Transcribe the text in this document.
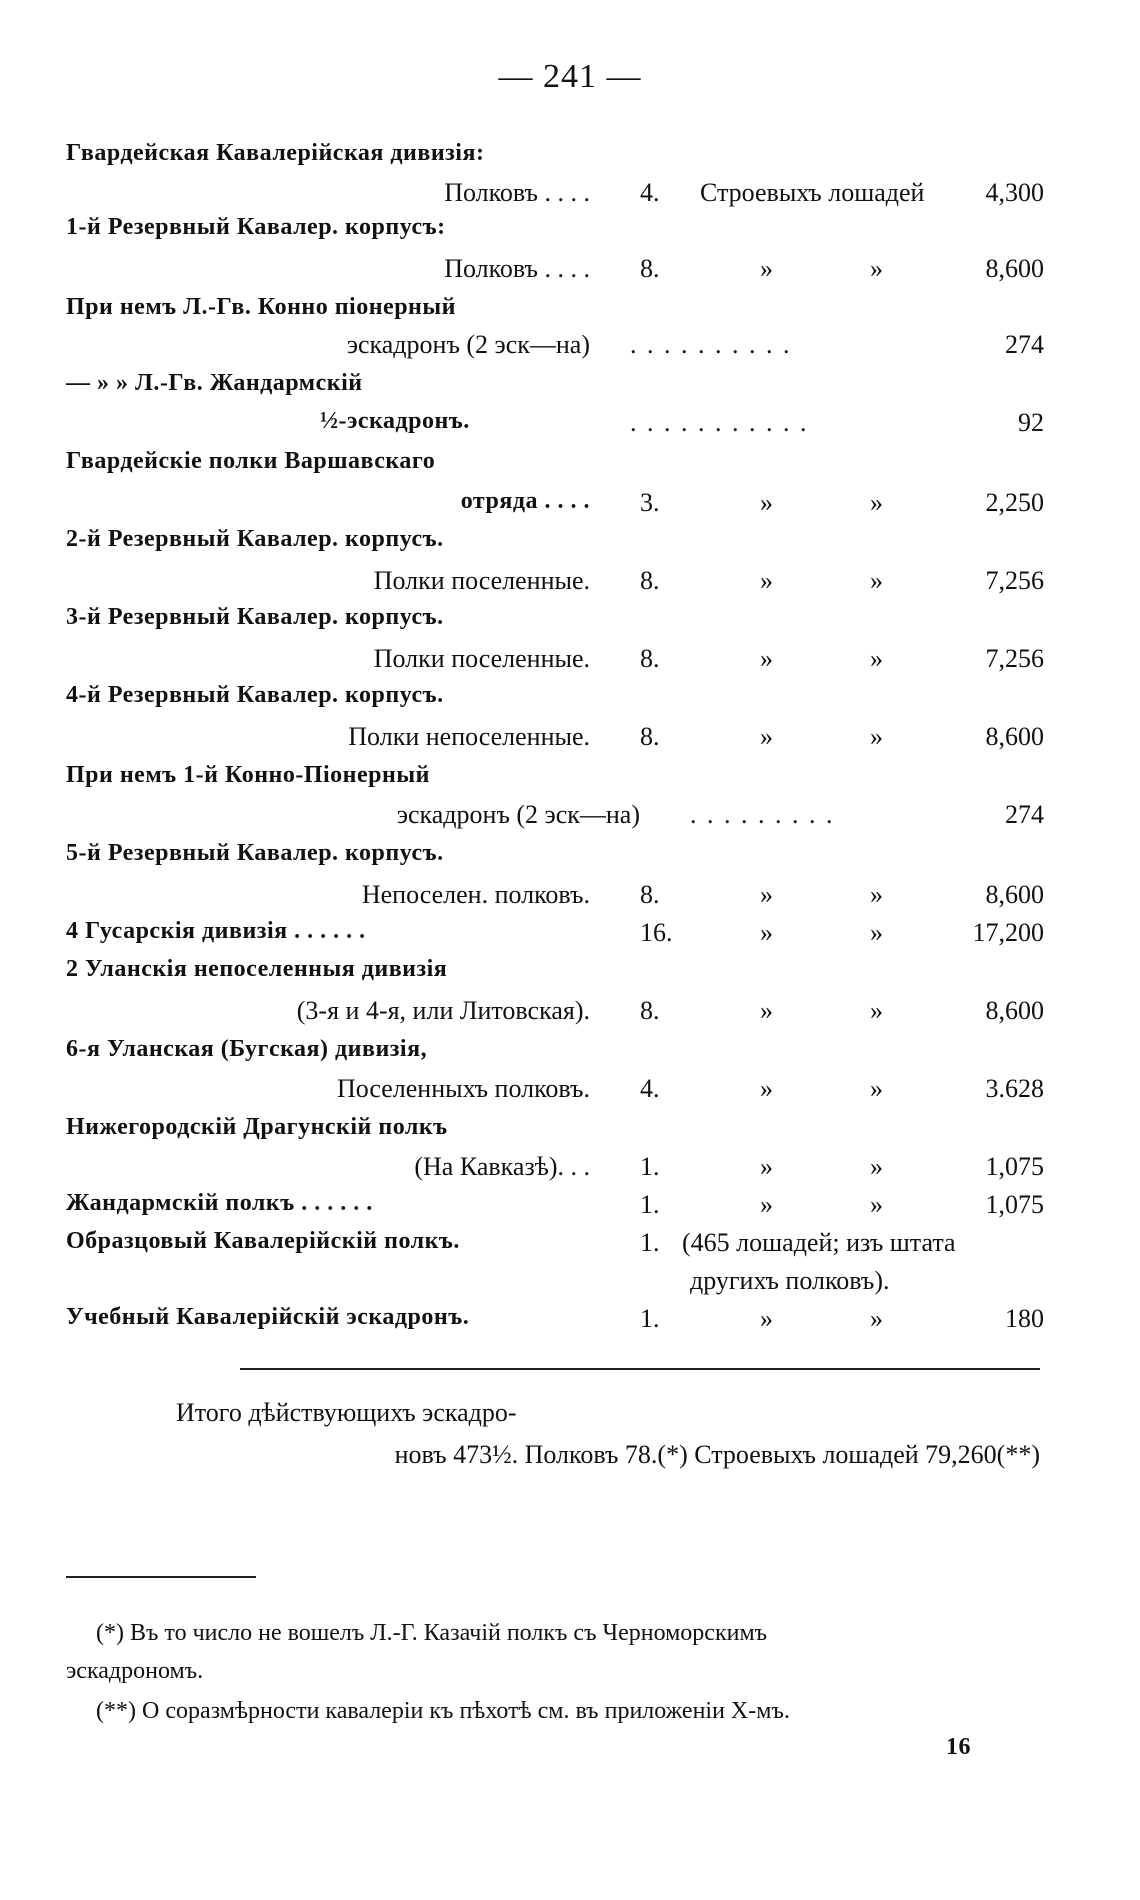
— 241 —
Гвардейская Кавалерійская дивизія:
Полковъ . . . . 4. Строевыхъ лошадей 4,300
1-й Резервный Кавалер. корпусъ:
Полковъ . . . . 8.	»	»	8,600
При немъ Л.-Гв. Конно піонерный
эскадронъ (2 эск—на) . . . . . . . . . .	274
— » » Л.-Гв. Жандармскій
½-эскадронъ.	. . . . . . . . . . .	92
Гвардейскіе полки Варшавскаго
отряда . . . . 3.	»	»	2,250
2-й Резервный Кавалер. корпусъ.
Полки поселенные. 8.	»	»	7,256
3-й Резервный Кавалер. корпусъ.
Полки поселенные. 8.	»	»	7,256
4-й Резервный Кавалер. корпусъ.
Полки непоселенные. 8.	»	»	8,600
При немъ 1-й Конно-Піонерный
эскадронъ (2 эск—на) . . . . . . . . .	274
5-й Резервный Кавалер. корпусъ.
Непоселен. полковъ. 8.	»	»	8,600
4 Гусарскія дивизія . . . . . .	16.	»	»	17,200
2 Уланскія непоселенныя дивизія
(3-я и 4-я, или Литовская). 8.	»	»	8,600
6-я Уланская (Бугская) дивизія,
Поселенныхъ полковъ. 4.	»	»	3.628
Нижегородскій Драгунскій полкъ
(На Кавказѣ). . . 1.	»	»	1,075
Жандармскій полкъ . . . . . .	1.	»	»	1,075
Образцовый Кавалерійскій полкъ.	1. (465 лошадей; изъ штата
другихъ полковъ).
Учебный Кавалерійскій эскадронъ.	1.	»	»	180
Итого дѣйствующихъ эскадро-
новъ 473½. Полковъ 78.(*) Строевыхъ лошадей 79,260(**)
(*) Въ то число не вошелъ Л.-Г. Казачій полкъ съ Черноморскимъ
эскадрономъ.
(**) О соразмѣрности кавалеріи къ пѣхотѣ см. въ приложеніи Х-мъ.
16
